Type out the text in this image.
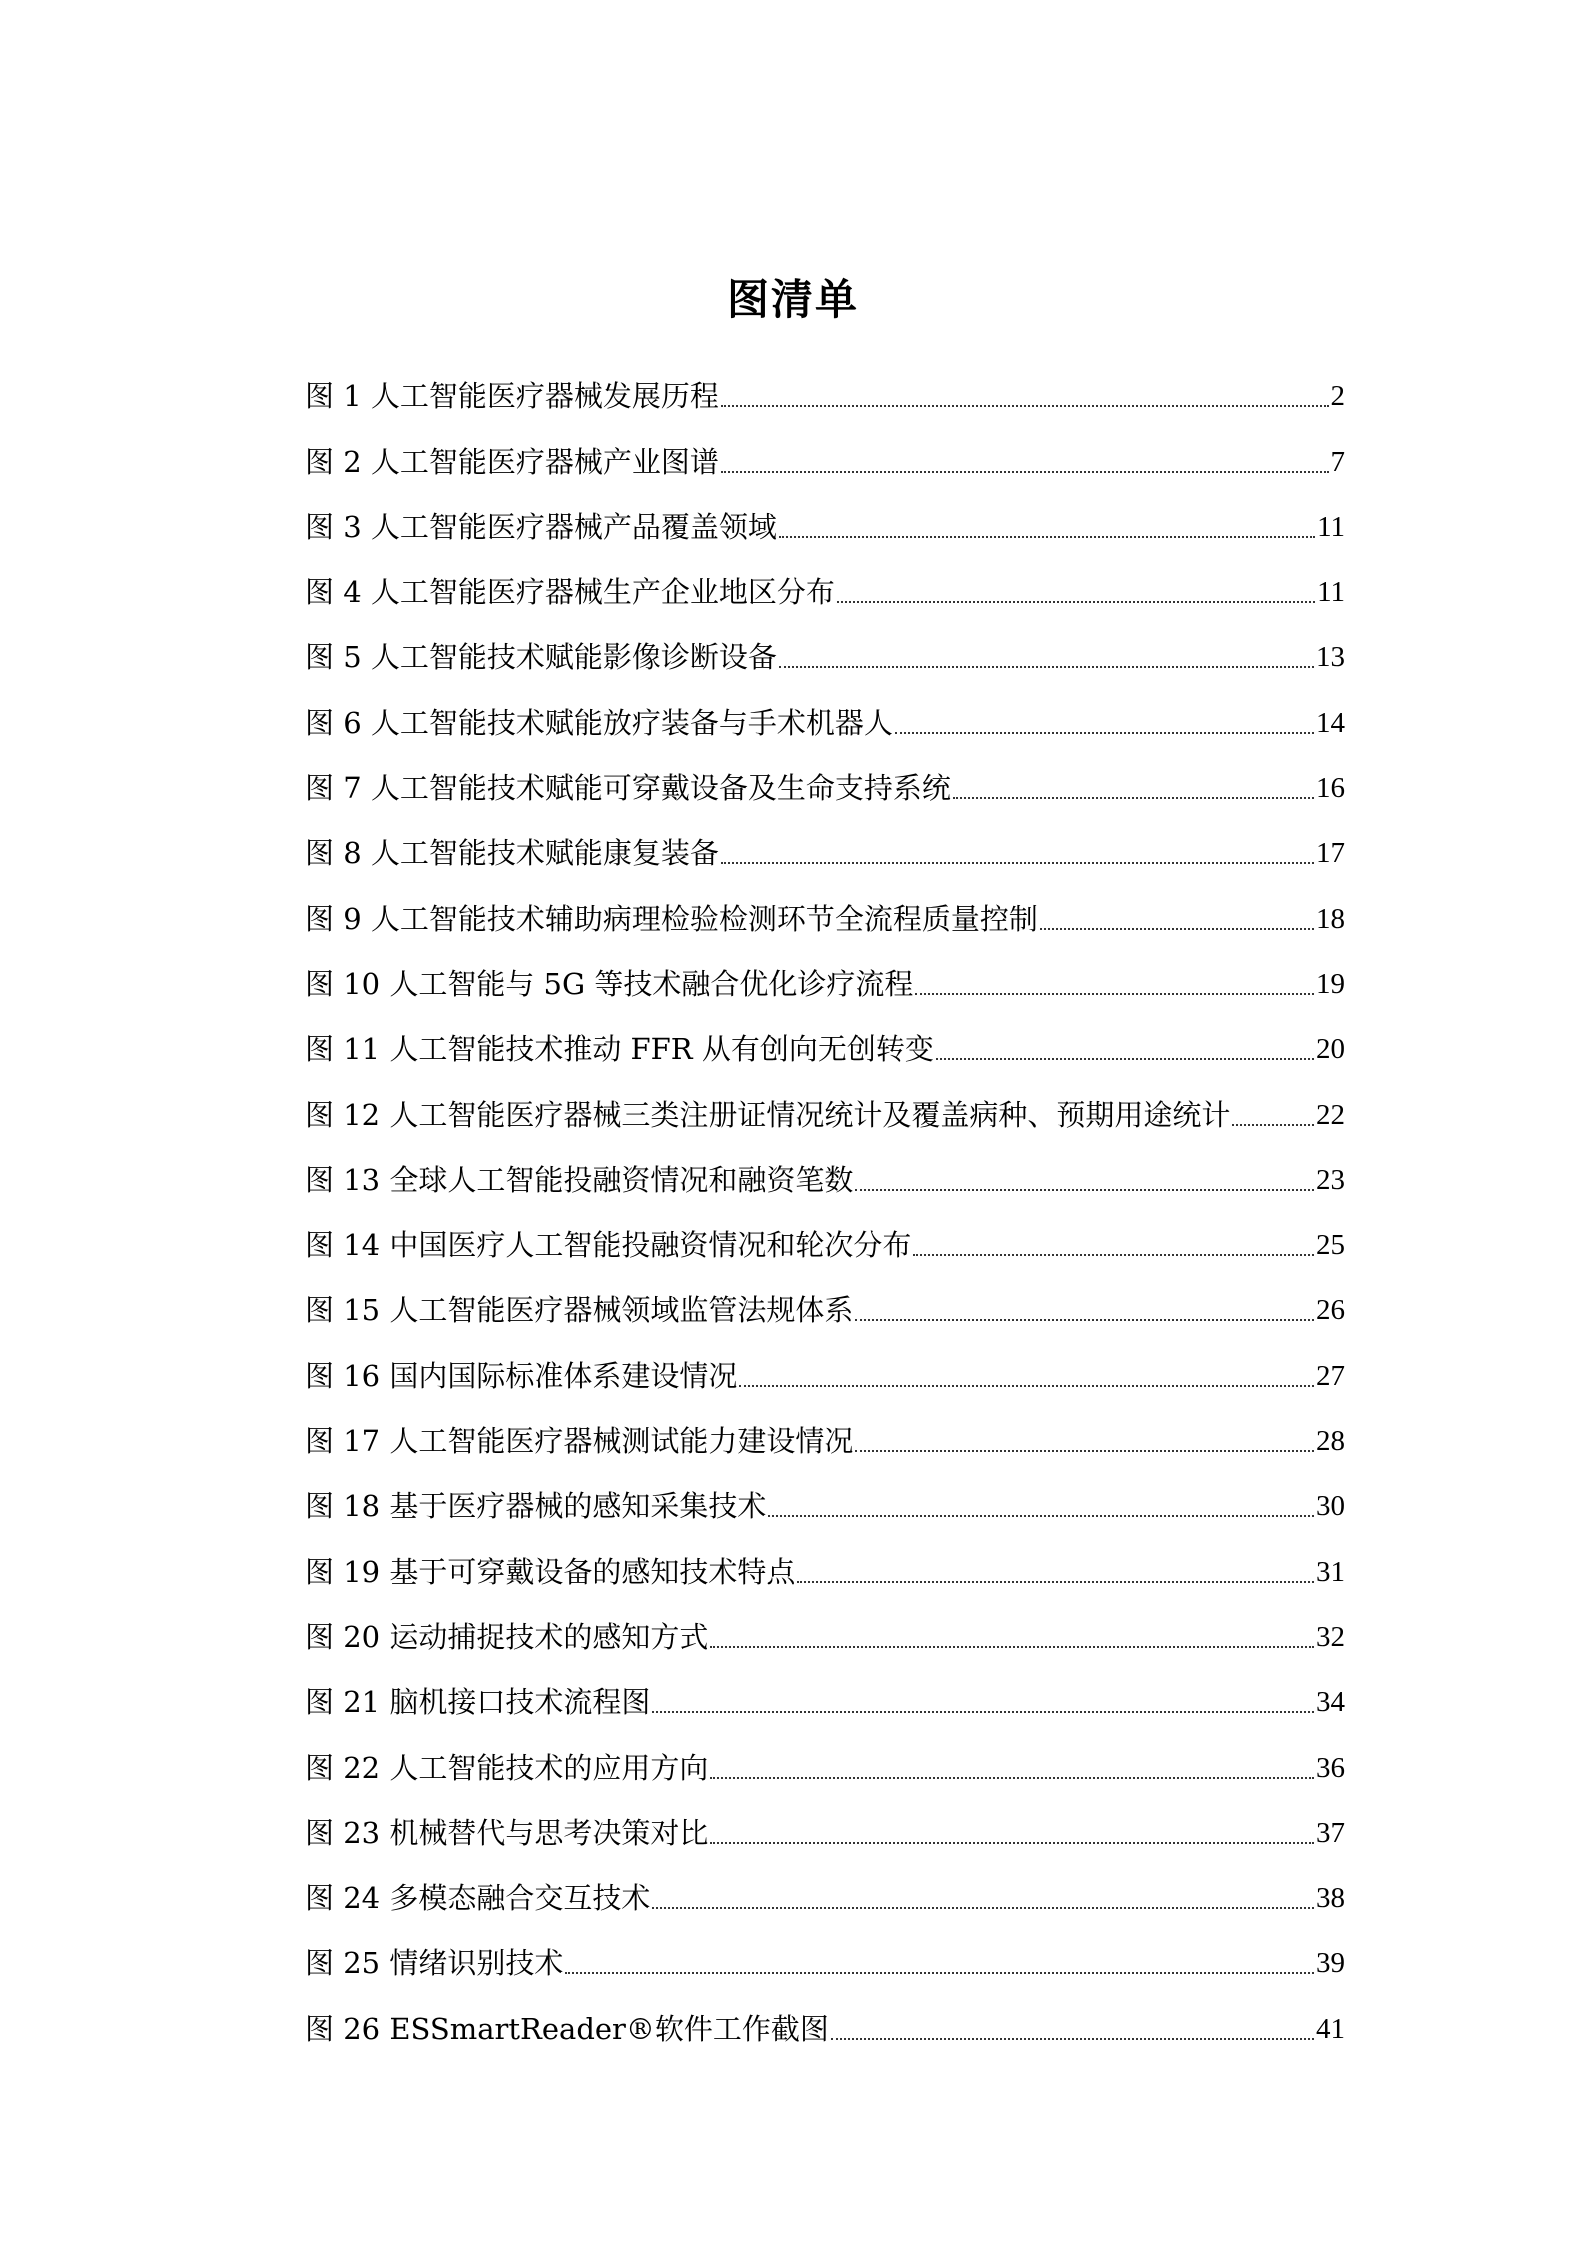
图清单
图 1 人工智能医疗器械发展历程	2
图 2 人工智能医疗器械产业图谱	7
图 3 人工智能医疗器械产品覆盖领域	11
图 4 人工智能医疗器械生产企业地区分布	11
图 5 人工智能技术赋能影像诊断设备	13
图 6 人工智能技术赋能放疗装备与手术机器人	14
图 7 人工智能技术赋能可穿戴设备及生命支持系统	16
图 8 人工智能技术赋能康复装备	17
图 9 人工智能技术辅助病理检验检测环节全流程质量控制	18
图 10 人工智能与 5G 等技术融合优化诊疗流程	19
图 11 人工智能技术推动 FFR 从有创向无创转变	20
图 12 人工智能医疗器械三类注册证情况统计及覆盖病种、预期用途统计	22
图 13 全球人工智能投融资情况和融资笔数	23
图 14 中国医疗人工智能投融资情况和轮次分布	25
图 15 人工智能医疗器械领域监管法规体系	26
图 16 国内国际标准体系建设情况	27
图 17 人工智能医疗器械测试能力建设情况	28
图 18 基于医疗器械的感知采集技术	30
图 19 基于可穿戴设备的感知技术特点	31
图 20 运动捕捉技术的感知方式	32
图 21 脑机接口技术流程图	34
图 22 人工智能技术的应用方向	36
图 23 机械替代与思考决策对比	37
图 24 多模态融合交互技术	38
图 25 情绪识别技术	39
图 26 ESSmartReader®软件工作截图	41
